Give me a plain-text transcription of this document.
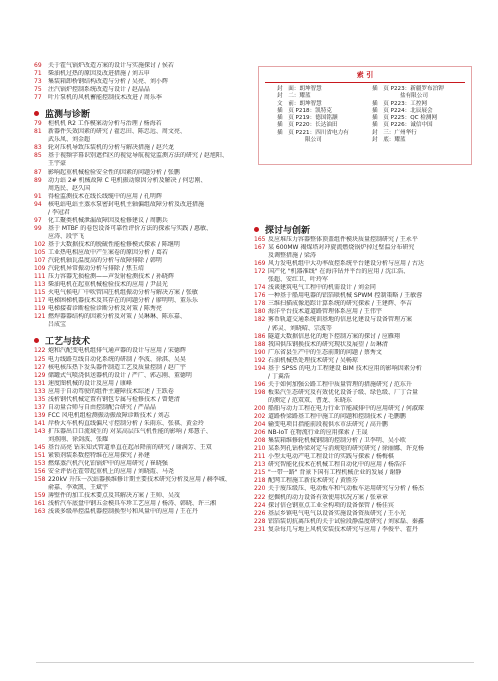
69 关于霍气锅炉改造方案的设计与实施探讨 / 侯若
71 柴油机过热的原因及改进措施 / 刘五申
73 集装箱卸桥钢结构改造与分析 / 吴亮、刘小辉
75 注汽锅炉控制系统改造与设计 / 赵晶晶
77 叶片泵机的风机蓄能控制技术改进 / 周乐季
监测与诊断
79 柜机机 R2 工作模案动分析与治理 / 杨海若
81 新器件失效因素的研究 / 翟忠田、陈忠远、周文亮、
武乐凤、刘金超
83 轮对压机导致压装机的分析与解决措施 / 赵兴龙
85 基于视频字幕识别遮挡区的视觉导航视觉监测方法的研究 / 赵旭阳、
王宇豪
87 影响起重机械检验安全性的因素的问题分析 / 张鹏
89 动力站 2# 机械故障 C 电机振动原因分析及解决 / 何忠刚、
周选民、赵久国
91 得检监测技术在线长线缆中的应用 / 孔明辉
94 核电站电站主蒸水泵密封电机主轴偏组故障分析及改进措施
/ 李冠君
97 化工聚类机械泄漏故障因及检修建议 / 周鹏兵
99 基于 MTBF 的卷包设备可靠性评价方法的探索与实践 / 惠敏、
应涛、段宇飞
102 基于大数据技术的脱硫性能检修模式探索 / 陈继明
105 工业热电相应故中产生案卷的原因分析 / 葛若
107 汽轮机轴瓦温度高的分析与故障排除 / 韩明
109 汽轮机异常振动分析与排除 / 焦玉靖
111 压力容器无损检测——声发射检测技术 / 孙晓辉
113 柴油电机在起重机械检验技术的应用 / 尹晨光
115 火电气候电厂中吹管国圧机组振动分析与解决方案 / 张敏
117 电梯困梯机器技术及其存在的问题分析 / 廖明明、董乐乐
119 电梯接着诊断检验诊断分析及对策 / 陈秀亮
121 燃焊器器结构的因素分析及对策 / 吴琳琳、陈东嘉、
吕成宝
工艺与技术
122 炮和汽配变电机组排气通声器的设计与应用 / 宋德辉
125 电力线路互线自动化系统的研制 / 李波、徐淇、吴昊
127 核电核压热下发头器件制造工艺及质量控制 / 赵广宇
129 储罐式气喷浇供送器机的设计 / 严广、郭志刚、董德明
131 速度图机械的设计及应用 / 康峰
133 应用于自动驾驶的组件主避障技术综述 / 王跃卷
135 浅析钢代机械定置有钢包专属与检修技术 / 曾楚清
137 自动量合师与自由控制配合研究 / 严晶晶
139 FCC 风电机组检测振动振故障诊断技术 / 刘志
141 岸桥大车机构直线偏尺寸控制分析 / 朱雨东、张祺、黄金玲
143 扩压器出口口流域生的 对某高层压气机性能的影响 / 郑慧子、
刘燕刚、徐剑波、张耀
145 基台高亮 钻采知式管道单直在起吊降前的研究 / 谢满芳、王双
151 紧锁剂装系数控特维在应用探究 / 孙建
153 燃煤蒸汽机汽化铂锅炉中的应用研究 / 崔晓强
156 安全评估在霍带起重机上的应用 / 刘晓霞、马尧
158 220kV 升压一次站器换维修计期主要技术研究分析及应用 / 赫李城、
俞嘉、李欢凯、王斌宇
159 薄壁件的加工技术要点及其解决方案 / 王帅、吴茂
161 浅析汽车底盘中钢五金模具车珍工艺应用 / 杨涛、韩晓、许三湘
163 浅谈多级串控温机器控制换型号和风量中的应用 / 王在丹
索 引
封　面：朗坤智慧	插　页 P223：新疆罗布泊钾
封　二：耀蓝	　　　　　盐有限公司
文　前：朗坤智慧	插　页 P223：工控网
插　页 P218：凯特克	插　页 P224：北辰展会
插　页 P219：德国铭灏	插　页 P225：QC 检测网
插　页 P220：长达油田	插　页 P226：诚信中国
插　页 P221：四川省电力有	封　三：广州华行
　　　　　限公司	封　底：耀蓝
探讨与创新
165 反应堆压力容器整体顶盖组件模块质量控制研究 / 王永平
167 某 600MW 褐煤塔对冲旋流燃烧锅炉掉过壁温分布研究
及调整措施 / 梁涛
169 风力发电机组中大功率故控系统平台建设分析与应用 / 古达
172 国产化 "机器准线" 在海洋钻井平台的应用 / 沈江浩、
张超、安红卫、叶玲军
174 浅谈建筑电气工程中的机需设计 / 刘金同
176 一种基于船用电器的铝箔联机械 SPWM 控制策略 / 王敏蓉
178 三维扫描成像追踪计算系统的研究探索 / 王建辉、李吉
180 海洋平台技术道道路管理体系应用 / 王伟宇
182 雾币轨道交通系统训基地的信息化建设与设备管理方案
/ 郭灵、刘晓晴、宗波等
186 隧道大数据信息化的地下控制方案的探讨 / 应雁翔
188 我国供压钢换技术的研究现状及展望 / 岳琳清
190 广东省县生产中的生态前期的问题 / 蔡秀文
192 石油机械热处理技术研究 / 吴畅琼
194 基于 SPSS 的电力工程建设 BIM 技术应用的影响因素分析
/ 丁翼浩
196 关于如何加强公路工程中质量管理的措施研究 / 范东升
198 板渠汽生态研究及有效优化设备子级、绿色级、厂丁合量
的测定 / 范双双、曹龙、朱晓东
200 船舶与动力工程在电力行业节能减排中的应用研究 / 何淑琛
202 道路桥梁路基工程中施工的问题和控制技术 / 毛鹏鹏
204 输变电项目指能前段视供水市法研究 / 高升鹏
206 NB-IoT 在物流行业的应用探索 / 王晟
208 集装箱维修轮机械钢制的控制分析 / 卫李明、吴小欧
210 某系列孔钻桥梁对定与消规矩的研究研究 / 徐丽娜、许克杨
211 小型太电动产电工程设计的实践与探索 / 杨梅棋
213 研究智能化技术在机械工程自动化中的应用 / 杨浩洋
215 "一带一路" 背景下国有工程机械企业的发展 / 谢静
218 配网工程施工新技术研究 / 黄胜芬
220 关于废压级压、电动板车和气动板车运用研究与分析 / 杨杰
222 挖掘机的动力设备有效使用状况方案 / 张章章
224 探讨信仓钢重点工业全构项的设备保管 / 杨佳宾
226 基层乡镇电气电气以设备实施设备资质研究 / 王小光
228 铝箔装切抗离压机的关于试验段静温度研究 / 刘家磊、秦鑫
231 复杂每几与地上风机安装技术研究与应用 / 李俊平、霍丹
